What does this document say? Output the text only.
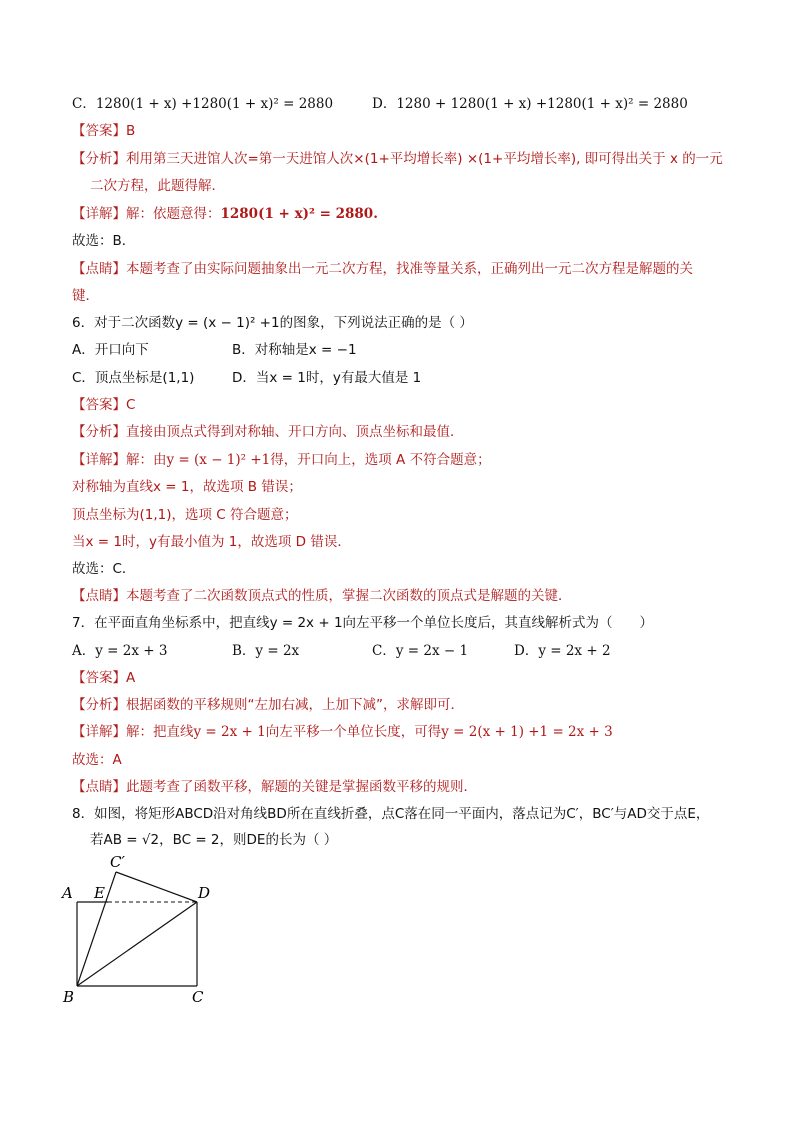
C．1280(1 + x) +1280(1 + x)² = 2880	D．1280 + 1280(1 + x) +1280(1 + x)² = 2880
【答案】B
【分析】利用第三天进馆人次=第一天进馆人次×(1+平均增长率) ×(1+平均增长率), 即可得出关于 x 的一元
二次方程，此题得解．
【详解】解：依题意得：1280(1 + x)² = 2880.
故选：B．
【点睛】本题考查了由实际问题抽象出一元二次方程，找准等量关系，正确列出一元二次方程是解题的关
键．
6．对于二次函数y = (x − 1)² +1的图象，下列说法正确的是（ ）
A．开口向下	B．对称轴是x = −1
C．顶点坐标是(1,1)	D．当x = 1时，y有最大值是 1
【答案】C
【分析】直接由顶点式得到对称轴、开口方向、顶点坐标和最值．
【详解】解：由y = (x − 1)² +1得，开口向上，选项 A 不符合题意；
对称轴为直线x = 1，故选项 B 错误；
顶点坐标为(1,1)，选项 C 符合题意；
当x = 1时，y有最小值为 1，故选项 D 错误．
故选：C．
【点睛】本题考查了二次函数顶点式的性质，掌握二次函数的顶点式是解题的关键．
7．在平面直角坐标系中，把直线y = 2x + 1向左平移一个单位长度后，其直线解析式为（　　）
A．y = 2x + 3	B．y = 2x	C．y = 2x − 1	D．y = 2x + 2
【答案】A
【分析】根据函数的平移规则“左加右减，上加下减”，求解即可．
【详解】解：把直线y = 2x + 1向左平移一个单位长度，可得y = 2(x + 1) +1 = 2x + 3
故选：A
【点睛】此题考查了函数平移，解题的关键是掌握函数平移的规则．
8．如图，将矩形ABCD沿对角线BD所在直线折叠，点C落在同一平面内，落点记为C′，BC′与AD交于点E，
若AB = √2，BC = 2，则DE的长为（ ）
A E
C′
D
B	C
